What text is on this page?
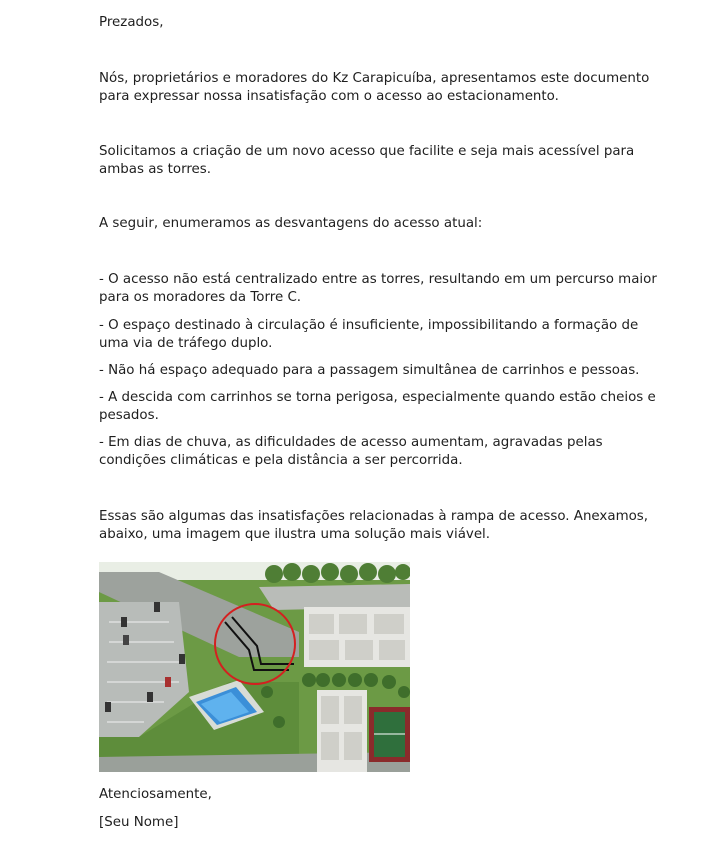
Prezados,

Nós, proprietários e moradores do Kz Carapicuíba, apresentamos este documento para expressar nossa insatisfação com o acesso ao estacionamento.

Solicitamos a criação de um novo acesso que facilite e seja mais acessível para ambas as torres.

A seguir, enumeramos as desvantagens do acesso atual:

- O acesso não está centralizado entre as torres, resultando em um percurso maior para os moradores da Torre C.

- O espaço destinado à circulação é insuficiente, impossibilitando a formação de uma via de tráfego duplo.

- Não há espaço adequado para a passagem simultânea de carrinhos e pessoas.

- A descida com carrinhos se torna perigosa, especialmente quando estão cheios e pesados.

- Em dias de chuva, as dificuldades de acesso aumentam, agravadas pelas condições climáticas e pela distância a ser percorrida.

Essas são algumas das insatisfações relacionadas à rampa de acesso. Anexamos, abaixo, uma imagem que ilustra uma solução mais viável.

Atenciosamente,

[Seu Nome]
